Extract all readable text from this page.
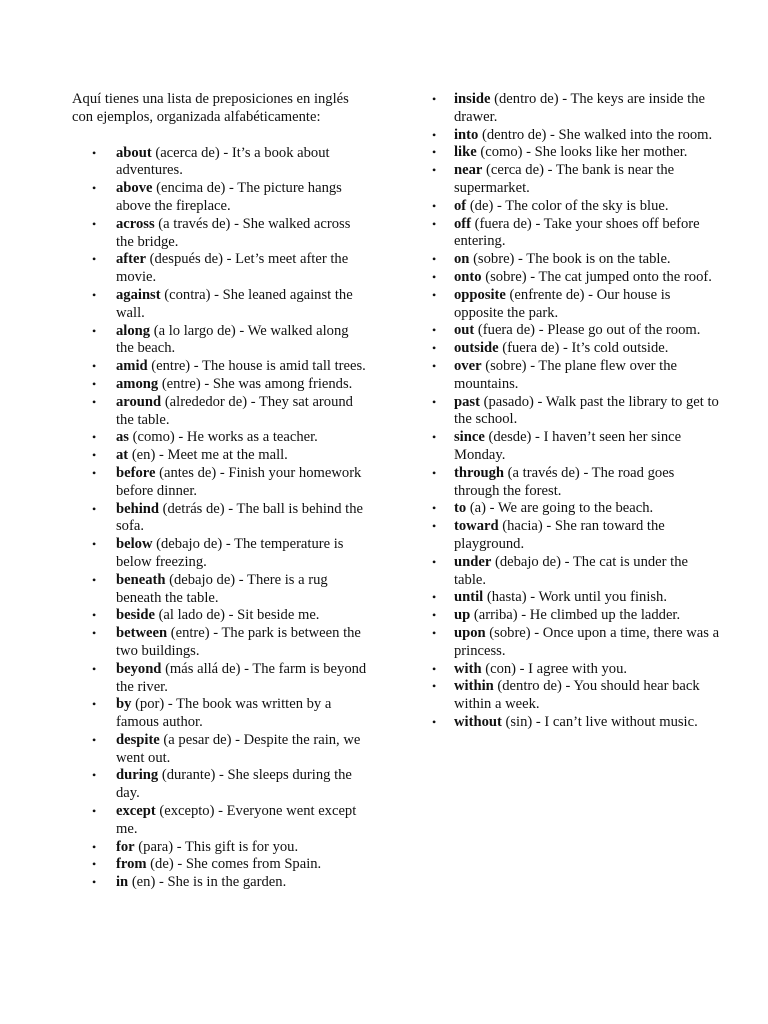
Aquí tienes una lista de preposiciones en inglés con ejemplos, organizada alfabéticamente:

• about (acerca de) - It’s a book about adventures.
• above (encima de) - The picture hangs above the fireplace.
• across (a través de) - She walked across the bridge.
• after (después de) - Let’s meet after the movie.
• against (contra) - She leaned against the wall.
• along (a lo largo de) - We walked along the beach.
• amid (entre) - The house is amid tall trees.
• among (entre) - She was among friends.
• around (alrededor de) - They sat around the table.
• as (como) - He works as a teacher.
• at (en) - Meet me at the mall.
• before (antes de) - Finish your homework before dinner.
• behind (detrás de) - The ball is behind the sofa.
• below (debajo de) - The temperature is below freezing.
• beneath (debajo de) - There is a rug beneath the table.
• beside (al lado de) - Sit beside me.
• between (entre) - The park is between the two buildings.
• beyond (más allá de) - The farm is beyond the river.
• by (por) - The book was written by a famous author.
• despite (a pesar de) - Despite the rain, we went out.
• during (durante) - She sleeps during the day.
• except (excepto) - Everyone went except me.
• for (para) - This gift is for you.
• from (de) - She comes from Spain.
• in (en) - She is in the garden.
• inside (dentro de) - The keys are inside the drawer.
• into (dentro de) - She walked into the room.
• like (como) - She looks like her mother.
• near (cerca de) - The bank is near the supermarket.
• of (de) - The color of the sky is blue.
• off (fuera de) - Take your shoes off before entering.
• on (sobre) - The book is on the table.
• onto (sobre) - The cat jumped onto the roof.
• opposite (enfrente de) - Our house is opposite the park.
• out (fuera de) - Please go out of the room.
• outside (fuera de) - It’s cold outside.
• over (sobre) - The plane flew over the mountains.
• past (pasado) - Walk past the library to get to the school.
• since (desde) - I haven’t seen her since Monday.
• through (a través de) - The road goes through the forest.
• to (a) - We are going to the beach.
• toward (hacia) - She ran toward the playground.
• under (debajo de) - The cat is under the table.
• until (hasta) - Work until you finish.
• up (arriba) - He climbed up the ladder.
• upon (sobre) - Once upon a time, there was a princess.
• with (con) - I agree with you.
• within (dentro de) - You should hear back within a week.
• without (sin) - I can’t live without music.
